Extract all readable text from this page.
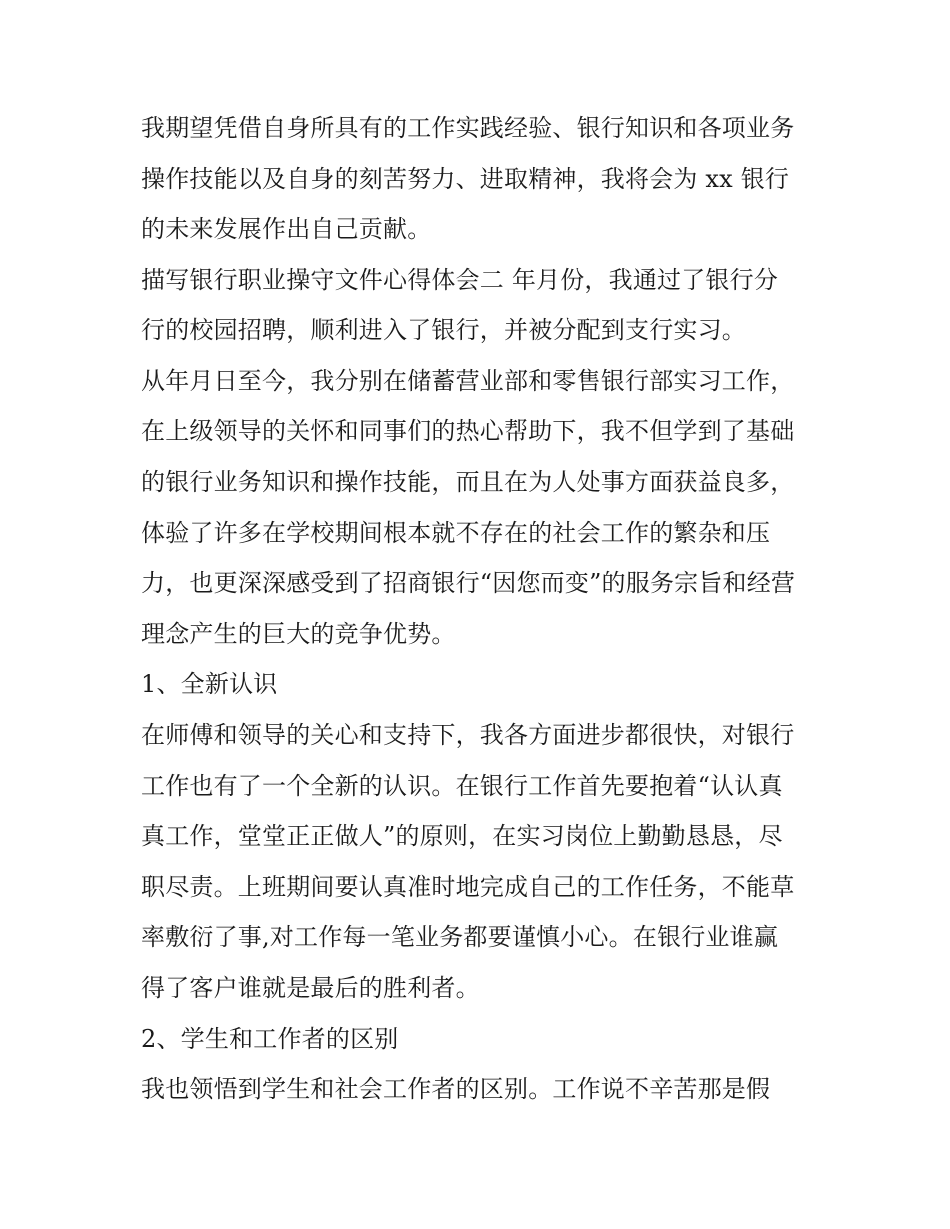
我期望凭借自身所具有的工作实践经验、银行知识和各项业务
操作技能以及自身的刻苦努力、进取精神，我将会为 xx 银行
的未来发展作出自己贡献。
描写银行职业操守文件心得体会二 年月份，我通过了银行分
行的校园招聘，顺利进入了银行，并被分配到支行实习。
从年月日至今，我分别在储蓄营业部和零售银行部实习工作，
在上级领导的关怀和同事们的热心帮助下，我不但学到了基础
的银行业务知识和操作技能，而且在为人处事方面获益良多，
体验了许多在学校期间根本就不存在的社会工作的繁杂和压
力，也更深深感受到了招商银行“因您而变”的服务宗旨和经营
理念产生的巨大的竞争优势。
1、全新认识
在师傅和领导的关心和支持下，我各方面进步都很快，对银行
工作也有了一个全新的认识。在银行工作首先要抱着“认认真
真工作，堂堂正正做人”的原则，在实习岗位上勤勤恳恳，尽
职尽责。上班期间要认真准时地完成自己的工作任务，不能草
率敷衍了事,对工作每一笔业务都要谨慎小心。在银行业谁赢
得了客户谁就是最后的胜利者。
2、学生和工作者的区别
我也领悟到学生和社会工作者的区别。工作说不辛苦那是假
